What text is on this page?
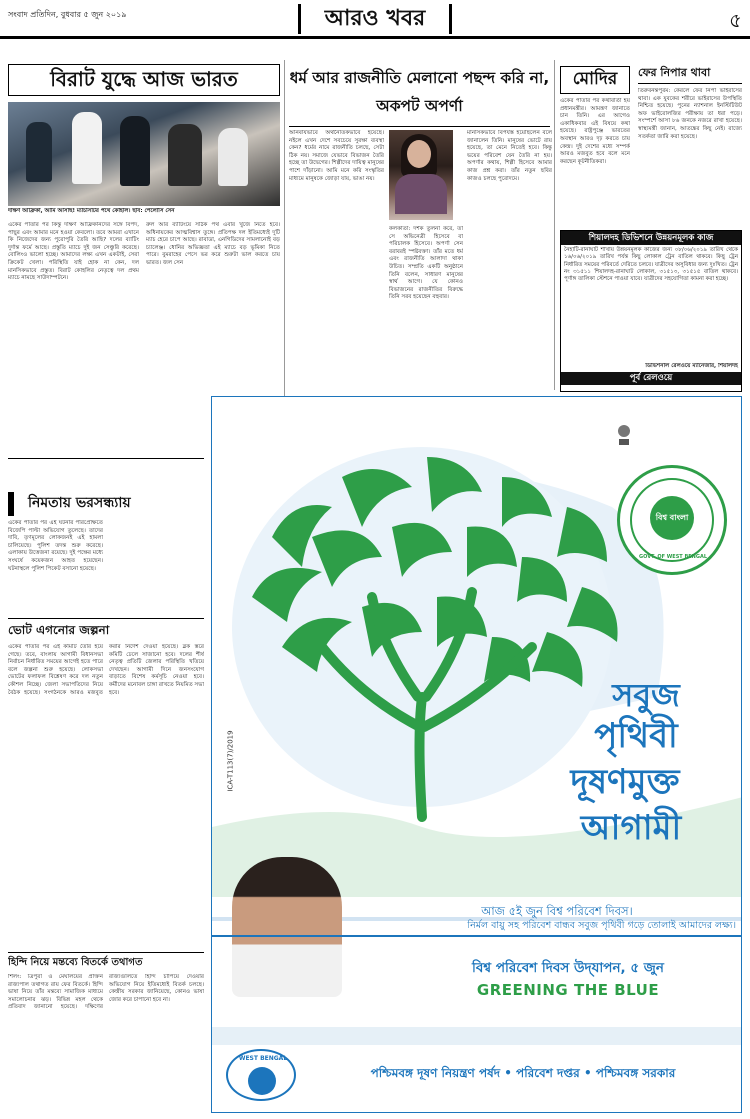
সংবাদ প্রতিদিন, বুধবার ৫ জুন ২০১৯	আরও খবর	৫
বিরাট যুদ্ধে আজ ভারত
দক্ষিণ আফ্রিকা, আমি আসছি! ম্যাচসিটির পথে কোহলি। ছবি: পেলোসি সেন
একের পাতার পর কিন্তু দক্ষিণ আফ্রিকানদের সঙ্গে বিপদ, পাছুর এবং আমার মনে হওয়া কেবলো। তবে আমরা এখানে কি নিজেদের জন্য পুরোপুরি তৈরি আছি? দলের ব্যাটিং দুর্দান্ত ফর্মে আছে। প্রস্তুতি ম্যাচে দুই জন সেঞ্চুরি করেছে। বোলিংও ভালো হচ্ছে। আমাদের লক্ষ্য এখন একটাই, সেরা ক্রিকেট খেলা। পরিস্থিতি যাই হোক না কেন, দল মানসিকভাবে প্রস্তুত। বিরাট কোহলির নেতৃত্বে দল প্রথম ম্যাচে নামছে সাউদাম্পটনে।
রুল আর ব্যাটিংয়ে সঠিক পথ এবার খুঁজে নিতে হবে। অধিনায়কের আত্মবিশ্বাস তুঙ্গে। প্রতিপক্ষ দল ইতিমধ্যেই দুটি ম্যাচ হেরে চাপে আছে। রাবাডা, এনগিডিদের সামলানোই বড় চ্যালেঞ্জ। ধোনির অভিজ্ঞতা এই ম্যাচে বড় ভূমিকা নিতে পারে। বুমরাহের পেসে ভর করে শুরুটা ভাল করতে চায় ভারত। জল সেন
ধর্ম আর রাজনীতি মেলানো পছন্দ করি না, অকপট অপর্ণা
অনিবার্যভাবে অর্থনৈতিকভাবে হয়েছে। নইলে এখন দেশে সবচেয়ে সুরক্ষা ব্যবস্থা কেন? ধর্মের নামে রাজনীতি চলছে, সেটা ঠিক নয়। সমাজে যেভাবে বিভাজন তৈরি হচ্ছে তা উদ্বেগের। শিল্পীদের দায়িত্ব মানুষের পাশে দাঁড়ানো। আমি মনে করি সংস্কৃতির মাধ্যমে মানুষকে জোড়া যায়, ভাঙা নয়।
কলকাতা: দর্শক তুলনা করে, তা সে অভিনেত্রী হিসেবে বা পরিচালক হিসেবে। অপর্ণা সেন বরাবরই স্পষ্টবক্তা। তাঁর মতে ধর্ম এবং রাজনীতি আলাদা থাকা উচিত। সম্প্রতি একটি অনুষ্ঠানে তিনি বলেন, সাধারণ মানুষের স্বার্থ আগে। যে কোনও বিভাজনের রাজনীতির বিরুদ্ধে তিনি সরব হয়েছেন বহুবার।
মানসিকভাবে বিপর্যস্ত হয়েছিলেন বলে জানালেন তিনি। মানুষের ভোটে রায় হয়েছে, তা মেনে নিতেই হবে। কিন্তু ভয়ের পরিবেশ যেন তৈরি না হয়। অপর্ণার কথায়, শিল্পী হিসেবে আমার কাজ প্রশ্ন করা। তাঁর নতুন ছবির কাজও চলছে পুরোদমে।
মোদির
একের পাতার পর কথাবার্তা হয় প্রধানমন্ত্রীর। আমন্ত্রণ জানাতে চান তিনি। এর আগেও একাধিকবার এই বিষয়ে কথা হয়েছে। রাষ্ট্রপুঞ্জে ভারতের অবস্থান আরও দৃঢ় করতে চায় কেন্দ্র। দুই দেশের মধ্যে সম্পর্ক আরও মজবুত হবে বলে মনে করছেন কূটনীতিকরা।
ফের নিপার থাবা
তিরুবনন্তপুরম: কেরলে ফের নিপা ভাইরাসের থাবা। এক যুবকের শরীরে ভাইরাসের উপস্থিতি নিশ্চিত হয়েছে। পুনের ন্যাশনাল ইনস্টিটিউট অফ ভাইরোলজির পরীক্ষায় তা ধরা পড়ে। সংস্পর্শে আসা ৮৬ জনকে নজরে রাখা হয়েছে। স্বাস্থ্যমন্ত্রী জানান, আতঙ্কের কিছু নেই। রাজ্যে সতর্কতা জারি করা হয়েছে।
শিয়ালদহ ডিভিশনে উন্নয়নমূলক কাজ
নৈহাটি-রানাঘাট শাখায় উন্নয়নমূলক কাজের জন্য ০৮/০৬/২০১৯ তারিখ থেকে ১৬/০৬/২০১৯ তারিখ পর্যন্ত কিছু লোকাল ট্রেন বাতিল থাকবে। কিছু ট্রেন নির্ধারিত সময়ের পরিবর্তে দেরিতে চলবে। যাত্রীদের অসুবিধার জন্য দুঃখিত। ট্রেন নং ৩১৫১১ শিয়ালদহ-রানাঘাট লোকাল, ৩১৫১৩, ৩১৫১৫ বাতিল থাকবে। পূর্ণাঙ্গ তালিকা স্টেশনে পাওয়া যাবে। যাত্রীদের সহযোগিতা কামনা করা হচ্ছে।
ডিভিশনাল রেলওয়ে ম্যানেজার, শিয়ালদহ
পূর্ব রেলওয়ে
নিমতায় ভরসন্ধ্যায়
একের পাতার পর এই ঘটনার পরিপ্রেক্ষিতে বিজেপি পাল্টা অভিযোগ তুলেছে। তাদের দাবি, তৃণমূলের লোকজনই এই হামলা চালিয়েছে। পুলিশ তদন্ত শুরু করেছে। এলাকায় উত্তেজনা রয়েছে। দুই পক্ষের মধ্যে সংঘর্ষে কয়েকজন আহত হয়েছেন। ঘটনাস্থলে পুলিশ পিকেট বসানো হয়েছে।
ভোট এগনোর জল্পনা
একের পাতার পর এই কমিটি তৈরি হয়ে গেছে। তবে, বাংলায় আগামী বিধানসভা নির্বাচন নির্ধারিত সময়ের আগেই হতে পারে বলে জল্পনা শুরু হয়েছে। লোকসভা ভোটের ফলাফল বিশ্লেষণ করে দল নতুন কৌশল নিচ্ছে। জেলা সভাপতিদের নিয়ে বৈঠক হয়েছে। সংগঠনকে আরও মজবুত করার নির্দেশ দেওয়া হয়েছে। ব্লক স্তরে কমিটি ঢেলে সাজানো হবে। দলের শীর্ষ নেতৃত্ব প্রতিটি জেলার পরিস্থিতি খতিয়ে দেখছেন। আগামী দিনে জনসংযোগ বাড়াতে বিশেষ কর্মসূচি নেওয়া হবে। কর্মীদের মনোবল চাঙ্গা রাখতে নিয়মিত সভা হবে।
হিন্দি নিয়ে মন্তব্যে বিতর্কে তথাগত
শিলং: ত্রিপুরা ও মেঘালয়ের প্রাক্তন রাজ্যপাল তথাগত রায় ফের বিতর্কে। হিন্দি ভাষা নিয়ে তাঁর মন্তব্যে সামাজিক মাধ্যমে সমালোচনার ঝড়। বিভিন্ন মহল থেকে প্রতিবাদ জানানো হয়েছে। দক্ষিণের রাজ্যগুলিতে হিন্দি চাপিয়ে দেওয়ার অভিযোগ নিয়ে ইতিমধ্যেই বিতর্ক চলছে। কেন্দ্রীয় সরকার জানিয়েছে, কোনও ভাষা জোর করে চাপানো হবে না।
বিশ্ব বাংলা
GOVT. OF WEST BENGAL
ICA-T113(7)/2019
সবুজ
পৃথিবী
দূষণমুক্ত
আগামী
আজ ৫ই জুন বিশ্ব পরিবেশ দিবস।
নির্মল বায়ু সহ পরিবেশ বান্ধব সবুজ পৃথিবী গড়ে তোলাই আমাদের লক্ষ্য।
বিশ্ব পরিবেশ দিবস উদ্‌যাপন, ৫ জুন
GREENING THE BLUE
WEST BENGAL
পশ্চিমবঙ্গ দূষণ নিয়ন্ত্রণ পর্ষদ • পরিবেশ দপ্তর • পশ্চিমবঙ্গ সরকার
